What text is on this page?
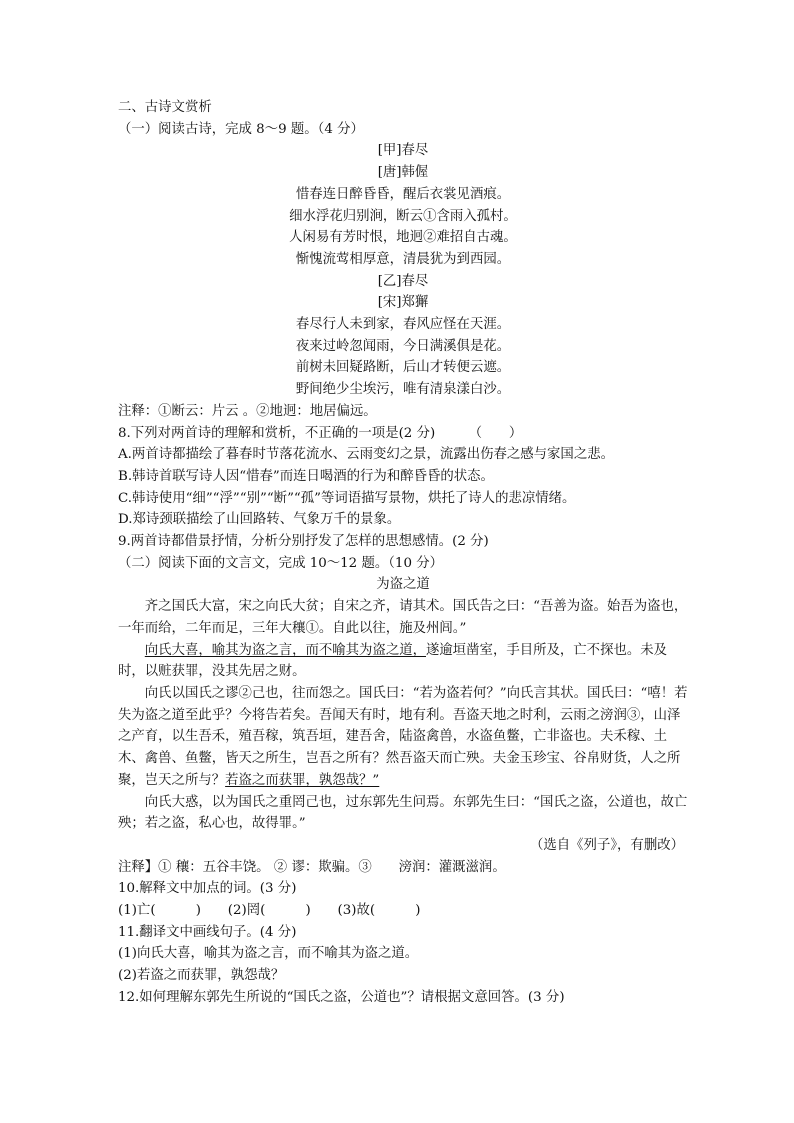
二、古诗文赏析
（一）阅读古诗，完成 8～9 题。（4 分）
[甲]春尽
[唐]韩偓
惜春连日醉昏昏，醒后衣裳见酒痕。
细水浮花归别涧，断云①含雨入孤村。
人闲易有芳时恨，地迥②难招自古魂。
惭愧流莺相厚意，清晨犹为到西园。
[乙]春尽
[宋]郑獬
春尽行人未到家，春风应怪在天涯。
夜来过岭忽闻雨，今日满溪俱是花。
前树未回疑路断，后山才转便云遮。
野间绝少尘埃污，唯有清泉漾白沙。
注释：①断云：片云 。②地迥：地居偏远。
8.下列对两首诗的理解和赏析，不正确的一项是(2 分)　　　（　　）
A.两首诗都描绘了暮春时节落花流水、云雨变幻之景，流露出伤春之感与家国之悲。
B.韩诗首联写诗人因“惜春”而连日喝酒的行为和醉昏昏的状态。
C.韩诗使用“细”“浮”“别”“断”“孤”等词语描写景物，烘托了诗人的悲凉情绪。
D.郑诗颈联描绘了山回路转、气象万千的景象。
9.两首诗都借景抒情，分析分别抒发了怎样的思想感情。(2 分)
（二）阅读下面的文言文，完成 10～12 题。（10 分）
为盗之道
齐之国氏大富，宋之向氏大贫；自宋之齐，请其术。国氏告之曰：“吾善为盗。始吾为盗也，一年而给，二年而足，三年大穰①。自此以往，施及州闾。”
向氏大喜，喻其为盗之言，而不喻其为盗之道，遂逾垣凿室，手目所及，亡不探也。未及时，以赃获罪，没其先居之财。
向氏以国氏之谬②己也，往而怨之。国氏曰：“若为盗若何？”向氏言其状。国氏曰：“嘻！若失为盗之道至此乎？今将告若矣。吾闻天有时，地有利。吾盗天地之时利，云雨之滂润③，山泽之产育，以生吾禾，殖吾稼，筑吾垣，建吾舍，陆盗禽兽，水盗鱼鳖，亡非盗也。夫禾稼、土木、禽兽、鱼鳖，皆天之所生，岂吾之所有？然吾盗天而亡殃。夫金玉珍宝、谷帛财货，人之所聚，岂天之所与？若盗之而获罪，孰怨哉？”
向氏大惑，以为国氏之重罔己也，过东郭先生问焉。东郭先生曰：“国氏之盗，公道也，故亡殃；若之盗，私心也，故得罪。”
（选自《列子》，有删改）
注释】① 穰：五谷丰饶。 ② 谬：欺骗。③　　滂润：灌溉滋润。
10.解释文中加点的词。(3 分)
(1)亡(　　　)　　(2)罔(　　　)　　(3)故(　　　)
11.翻译文中画线句子。(4 分)
(1)向氏大喜，喻其为盗之言，而不喻其为盗之道。
(2)若盗之而获罪，孰怨哉？
12.如何理解东郭先生所说的“国氏之盗，公道也”？请根据文意回答。(3 分)
